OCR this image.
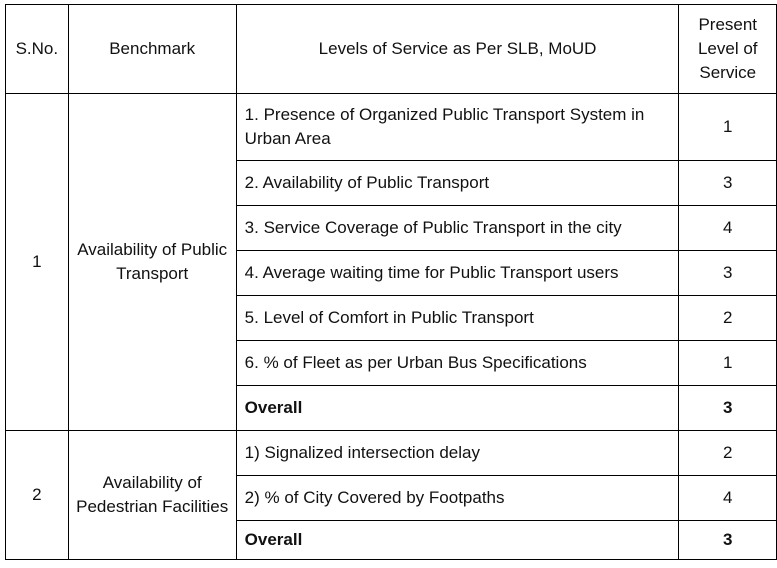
S.No.	Benchmark	Levels of Service as Per SLB, MoUD	Present Level of Service
1	Availability of Public Transport	1. Presence of Organized Public Transport System in Urban Area	1
		2. Availability of Public Transport	3
		3. Service Coverage of Public Transport in the city	4
		4. Average waiting time for Public Transport users	3
		5. Level of Comfort in Public Transport	2
		6. % of Fleet as per Urban Bus Specifications	1
		Overall	3
2	Availability of Pedestrian Facilities	1) Signalized intersection delay	2
		2) % of City Covered by Footpaths	4
		Overall	3
